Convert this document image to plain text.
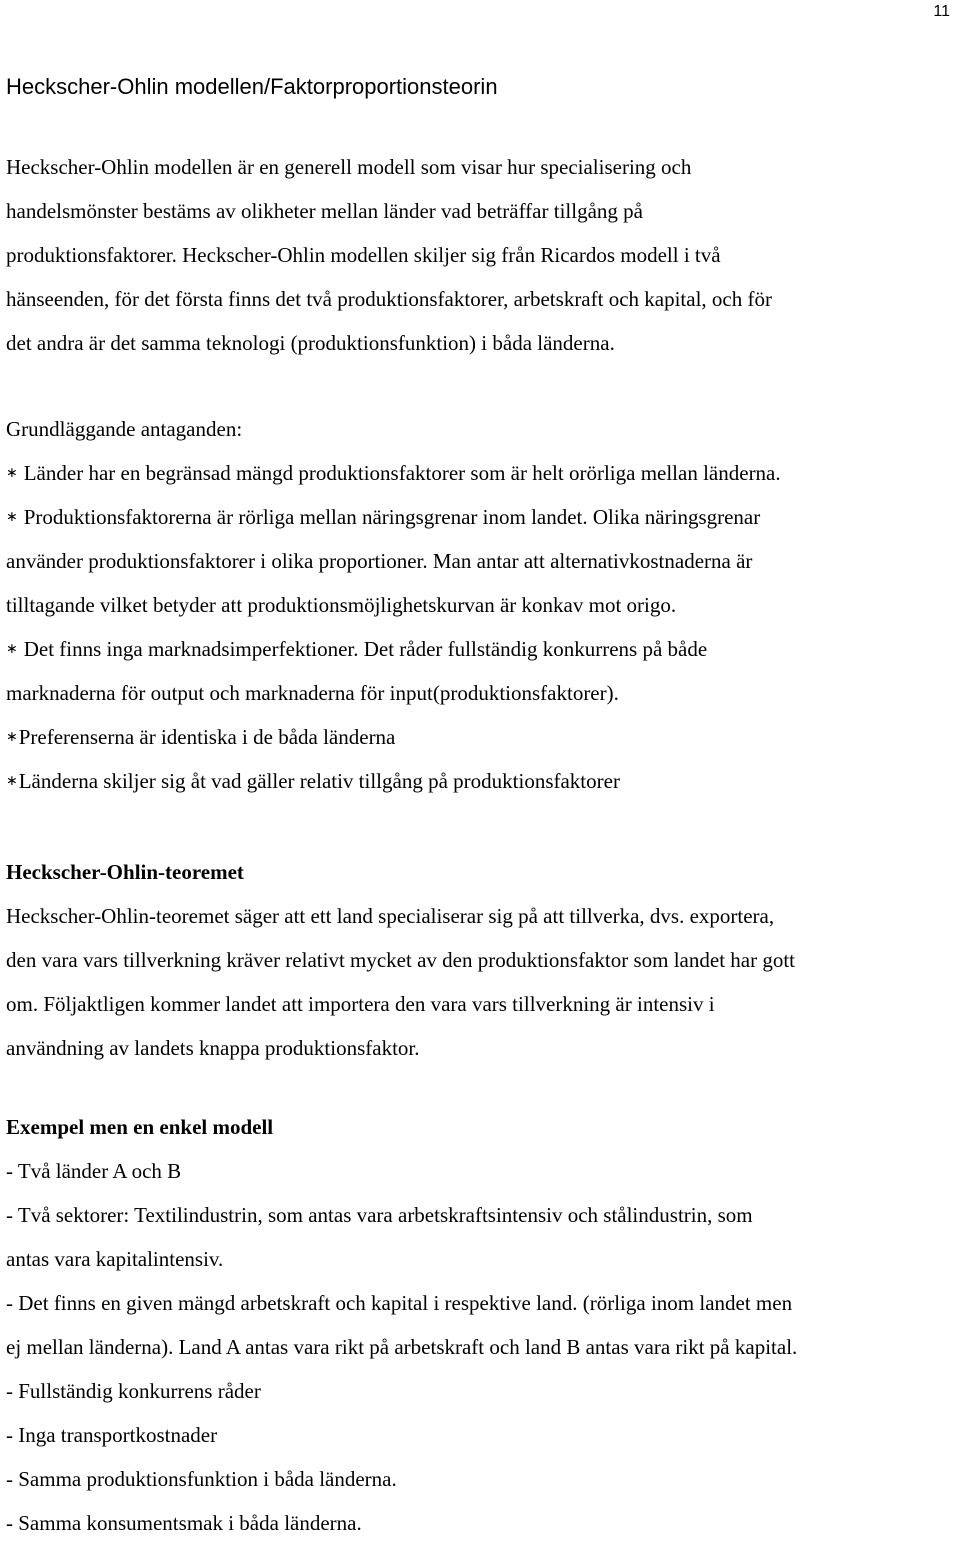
11
Heckscher-Ohlin modellen/Faktorproportionsteorin

Heckscher-Ohlin modellen är en generell modell som visar hur specialisering och

handelsmönster bestäms av olikheter mellan länder vad beträffar tillgång på

produktionsfaktorer. Heckscher-Ohlin modellen skiljer sig från Ricardos modell i två

hänseenden, för det första finns det två produktionsfaktorer, arbetskraft och kapital, och för

det andra är det samma teknologi (produktionsfunktion) i båda länderna.

Grundläggande antaganden:

∗ Länder har en begränsad mängd produktionsfaktorer som är helt orörliga mellan länderna.

∗ Produktionsfaktorerna är rörliga mellan näringsgrenar inom landet. Olika näringsgrenar

använder produktionsfaktorer i olika proportioner. Man antar att alternativkostnaderna är

tilltagande vilket betyder att produktionsmöjlighetskurvan är konkav mot origo.

∗ Det finns inga marknadsimperfektioner. Det råder fullständig konkurrens på både

marknaderna för output och marknaderna för input(produktionsfaktorer).

∗Preferenserna är identiska i de båda länderna

∗Länderna skiljer sig åt vad gäller relativ tillgång på produktionsfaktorer

Heckscher-Ohlin-teoremet

Heckscher-Ohlin-teoremet säger att ett land specialiserar sig på att tillverka, dvs. exportera,

den vara vars tillverkning kräver relativt mycket av den produktionsfaktor som landet har gott

om. Följaktligen kommer landet att importera den vara vars tillverkning är intensiv i

användning av landets knappa produktionsfaktor.

Exempel men en enkel modell

- Två länder A och B

- Två sektorer: Textilindustrin, som antas vara arbetskraftsintensiv och stålindustrin, som

antas vara kapitalintensiv.

- Det finns en given mängd arbetskraft och kapital i respektive land. (rörliga inom landet men

ej mellan länderna). Land A antas vara rikt på arbetskraft och land B antas vara rikt på kapital.

- Fullständig konkurrens råder

- Inga transportkostnader

- Samma produktionsfunktion i båda länderna.

- Samma konsumentsmak i båda länderna.
